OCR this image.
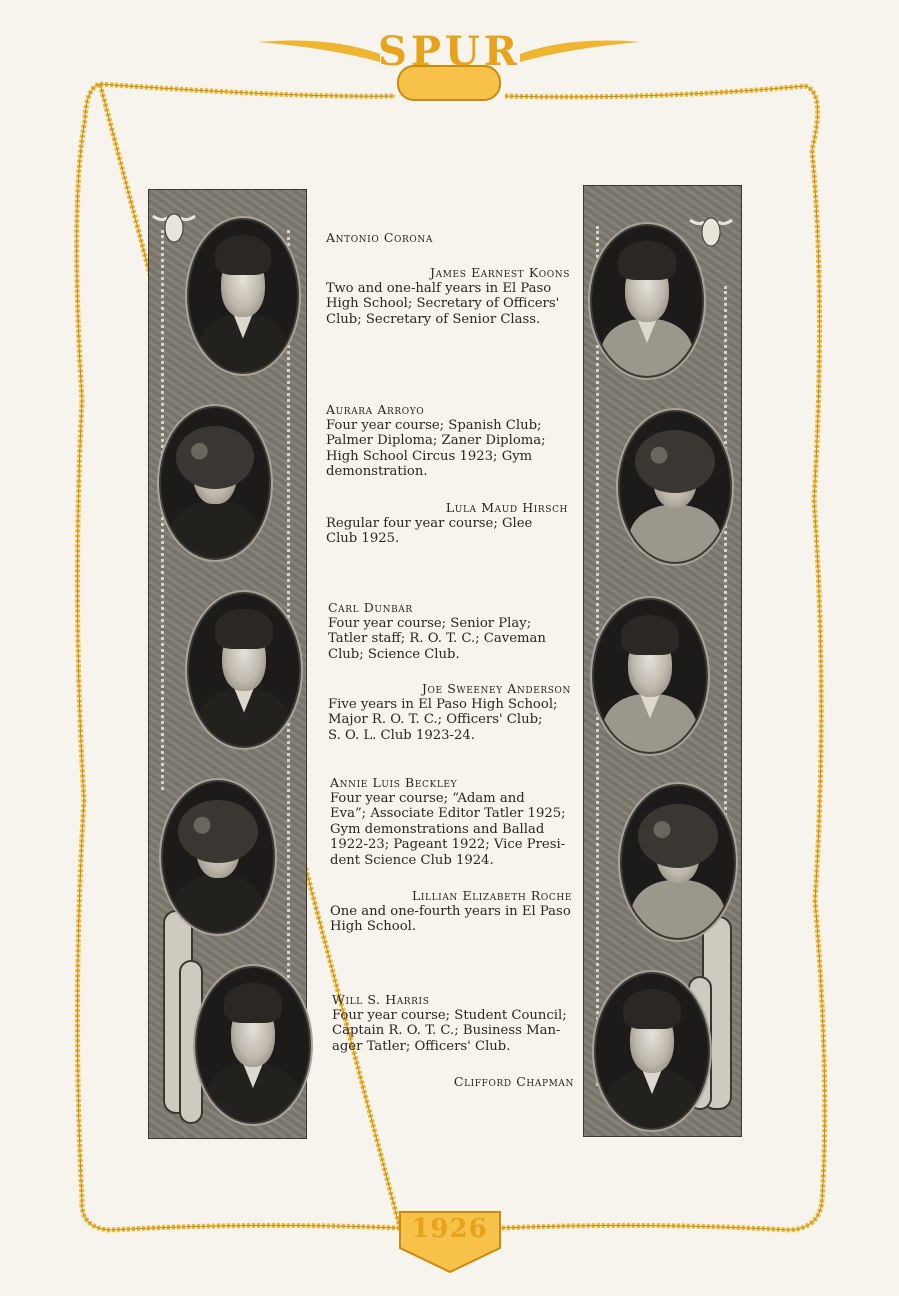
SPUR
1926
Antonio Corona
James Earnest Koons
Two and one-half years in El Paso
High School; Secretary of Officers'
Club; Secretary of Senior Class.
Aurara Arroyo
Four year course; Spanish Club;
Palmer Diploma; Zaner Diploma;
High School Circus 1923; Gym
demonstration.
Lula Maud Hirsch
Regular four year course; Glee
Club 1925.
Carl Dunbar
Four year course; Senior Play;
Tatler staff; R. O. T. C.; Caveman
Club; Science Club.
Joe Sweeney Anderson
Five years in El Paso High School;
Major R. O. T. C.; Officers' Club;
S. O. L. Club 1923-24.
Annie Luis Beckley
Four year course; “Adam and
Eva”; Associate Editor Tatler 1925;
Gym demonstrations and Ballad
1922-23; Pageant 1922; Vice Presi-
dent Science Club 1924.
Lillian Elizabeth Roche
One and one-fourth years in El Paso
High School.
Will S. Harris
Four year course; Student Council;
Captain R. O. T. C.; Business Man-
ager Tatler; Officers' Club.
Clifford Chapman
